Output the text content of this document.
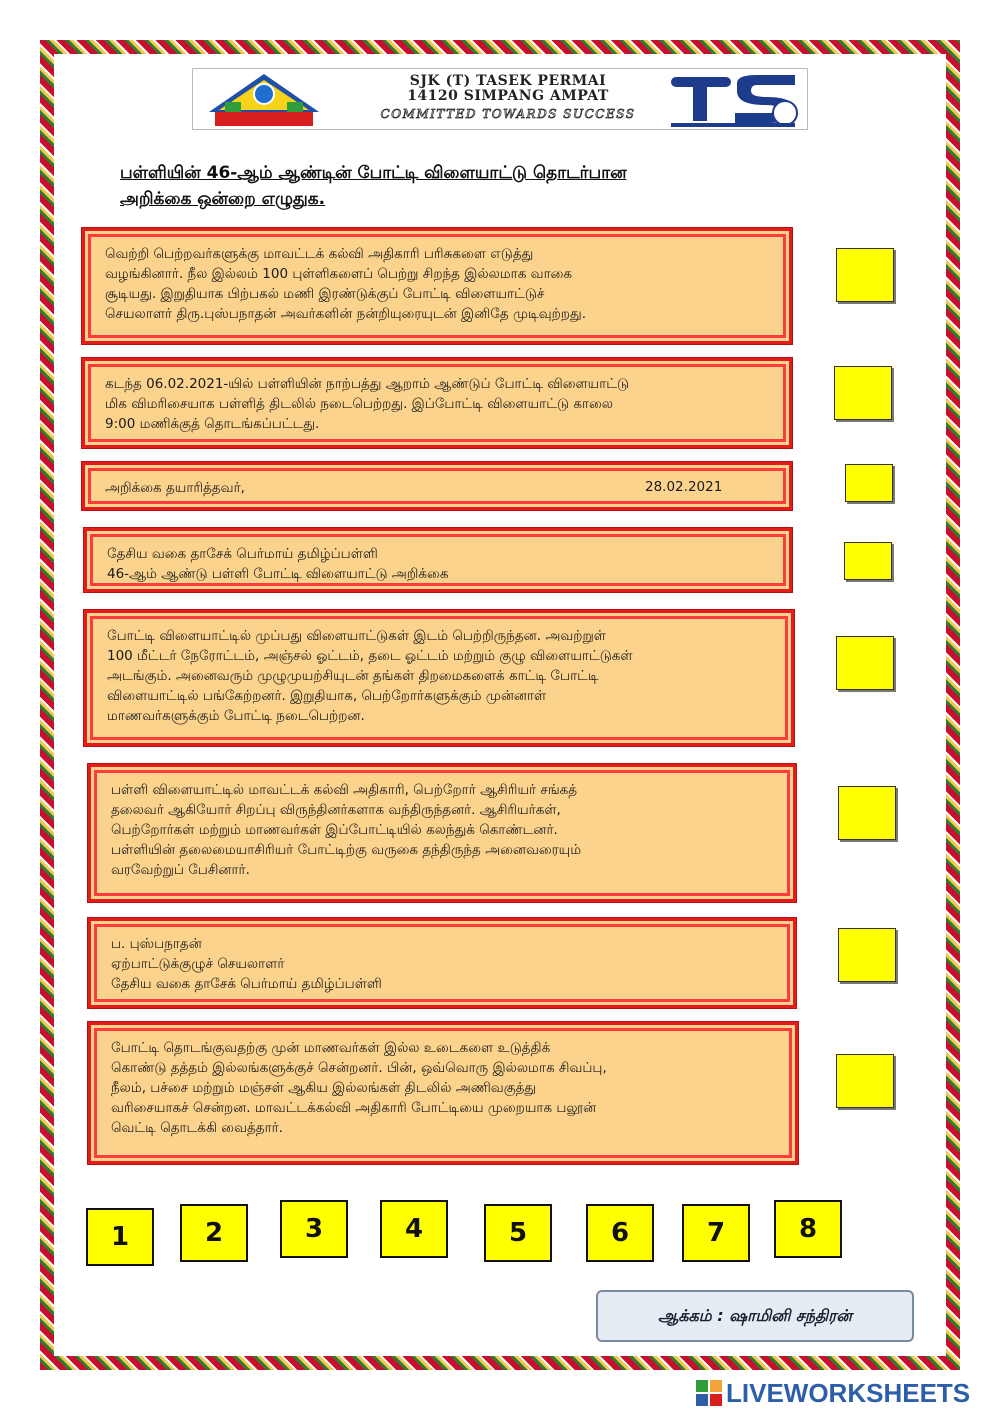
SJK (T) TASEK PERMAI
14120 SIMPANG AMPAT
COMMITTED TOWARDS SUCCESS
பள்ளியின் 46-ஆம் ஆண்டின் போட்டி விளையாட்டு தொடர்பான
அறிக்கை ஒன்றை எழுதுக.
வெற்றி பெற்றவர்களுக்கு மாவட்டக் கல்வி அதிகாரி பரிசுகளை எடுத்து
வழங்கினார். நீல இல்லம் 100 புள்ளிகளைப் பெற்று சிறந்த இல்லமாக வாகை
சூடியது. இறுதியாக பிற்பகல் மணி இரண்டுக்குப் போட்டி விளையாட்டுச்
செயலாளர் திரு.புஸ்பநாதன் அவர்களின் நன்றியுரையுடன் இனிதே முடிவுற்றது.
கடந்த 06.02.2021-யில் பள்ளியின் நாற்பத்து ஆறாம் ஆண்டுப் போட்டி விளையாட்டு
மிக விமரிசையாக பள்ளித் திடலில் நடைபெற்றது. இப்போட்டி விளையாட்டு காலை
9:00 மணிக்குத் தொடங்கப்பட்டது.
அறிக்கை தயாரித்தவர்,	28.02.2021
தேசிய வகை தாசேக் பெர்மாய் தமிழ்ப்பள்ளி
46-ஆம் ஆண்டு பள்ளி போட்டி விளையாட்டு அறிக்கை
போட்டி விளையாட்டில் முப்பது விளையாட்டுகள் இடம் பெற்றிருந்தன. அவற்றுள்
100 மீட்டர் நேரோட்டம், அஞ்சல் ஓட்டம், தடை ஓட்டம் மற்றும் குழு விளையாட்டுகள்
அடங்கும். அனைவரும் முழுமுயற்சியுடன் தங்கள் திறமைகளைக் காட்டி போட்டி
விளையாட்டில் பங்கேற்றனர். இறுதியாக, பெற்றோர்களுக்கும் முன்னாள்
மாணவர்களுக்கும் போட்டி நடைபெற்றன.
பள்ளி விளையாட்டில் மாவட்டக் கல்வி அதிகாரி, பெற்றோர் ஆசிரியர் சங்கத்
தலைவர் ஆகியோர் சிறப்பு விருந்தினர்களாக வந்திருந்தனர். ஆசிரியர்கள்,
பெற்றோர்கள் மற்றும் மாணவர்கள் இப்போட்டியில் கலந்துக் கொண்டனர்.
பள்ளியின் தலைமையாசிரியர் போட்டிற்கு வருகை தந்திருந்த அனைவரையும்
வரவேற்றுப் பேசினார்.
ப. புஸ்பநாதன்
ஏற்பாட்டுக்குழுச் செயலாளர்
தேசிய வகை தாசேக் பெர்மாய் தமிழ்ப்பள்ளி
போட்டி தொடங்குவதற்கு முன் மாணவர்கள் இல்ல உடைகளை உடுத்திக்
கொண்டு தத்தம் இல்லங்களுக்குச் சென்றனர். பின், ஒவ்வொரு இல்லமாக சிவப்பு,
நீலம், பச்சை மற்றும் மஞ்சள் ஆகிய இல்லங்கள் திடலில் அணிவகுத்து
வரிசையாகச் சென்றன. மாவட்டக்கல்வி அதிகாரி போட்டியை முறையாக பலூன்
வெட்டி தொடக்கி வைத்தார்.
1	2	3	4	5	6	7	8
ஆக்கம் : ஷாமினி சந்திரன்
LIVEWORKSHEETS
